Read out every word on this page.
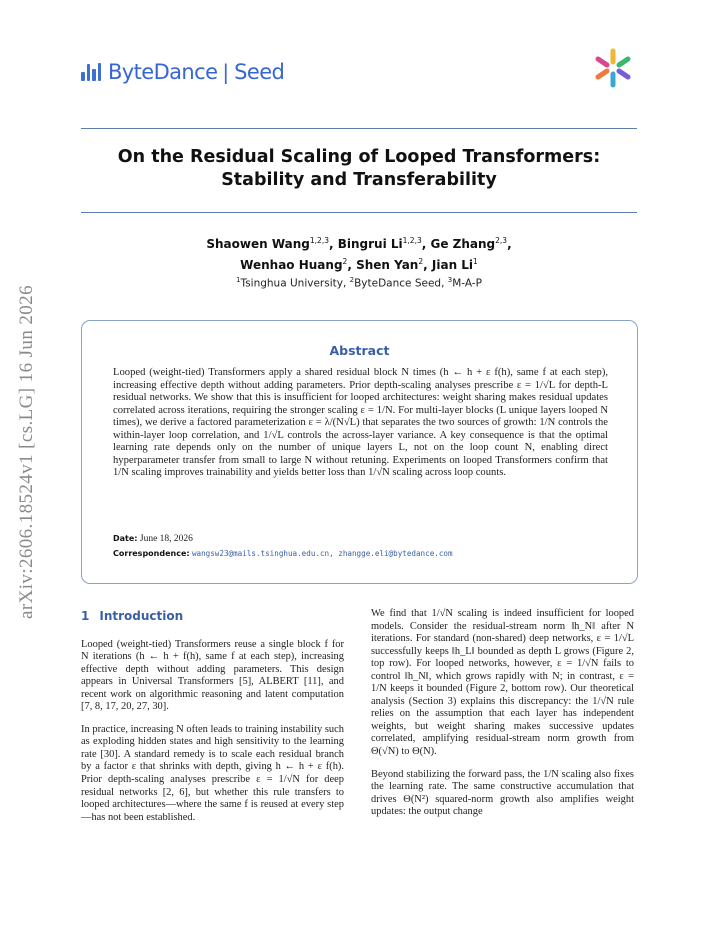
arXiv:2606.18524v1 [cs.LG] 16 Jun 2026
ByteDance | Seed
On the Residual Scaling of Looped Transformers:
Stability and Transferability
Shaowen Wang$^{1,2,3}$, Bingrui Li$^{1,2,3}$, Ge Zhang$^{2,3}$,
Wenhao Huang$^2$, Shen Yan$^2$, Jian Li$^1$
$^1$Tsinghua University, $^2$ByteDance Seed, $^3$M-A-P
Abstract
Looped (weight-tied) Transformers apply a shared residual block N times (h ← h + ε f(h), same f at each step), increasing effective depth without adding parameters. Prior depth-scaling analyses prescribe ε = 1/√L for depth-L residual networks. We show that this is insufficient for looped architectures: weight sharing makes residual updates correlated across iterations, requiring the stronger scaling ε = 1/N. For multi-layer blocks (L unique layers looped N times), we derive a factored parameterization ε = λ/(N√L) that separates the two sources of growth: 1/N controls the within-layer loop correlation, and 1/√L controls the across-layer variance. A key consequence is that the optimal learning rate depends only on the number of unique layers L, not on the loop count N, enabling direct hyperparameter transfer from small to large N without retuning. Experiments on looped Transformers confirm that 1/N scaling improves trainability and yields better loss than 1/√N scaling across loop counts.
Date: June 18, 2026
Correspondence: wangsw23@mails.tsinghua.edu.cn, zhangge.eli@bytedance.com
1 Introduction

Looped (weight-tied) Transformers reuse a single block f for N iterations (h ← h + f(h), same f at each step), increasing effective depth without adding parameters. This design appears in Universal Transformers [5], ALBERT [11], and recent work on algorithmic reasoning and latent computation [7, 8, 17, 20, 27, 30].

In practice, increasing N often leads to training instability such as exploding hidden states and high sensitivity to the learning rate [30]. A standard remedy is to scale each residual branch by a factor ε that shrinks with depth, giving h ← h + ε f(h). Prior depth-scaling analyses prescribe ε = 1/√N for deep residual networks [2, 6], but whether this rule transfers to looped architectures—where the same f is reused at every step—has not been established.

We find that 1/√N scaling is indeed insufficient for looped models. Consider the residual-stream norm ‖h_N‖ after N iterations. For standard (non-shared) deep networks, ε = 1/√L successfully keeps ‖h_L‖ bounded as depth L grows (Figure 2, top row). For looped networks, however, ε = 1/√N fails to control ‖h_N‖, which grows rapidly with N; in contrast, ε = 1/N keeps it bounded (Figure 2, bottom row). Our theoretical analysis (Section 3) explains this discrepancy: the 1/√N rule relies on the assumption that each layer has independent weights, but weight sharing makes successive updates correlated, amplifying residual-stream norm growth from Θ(√N) to Θ(N).

Beyond stabilizing the forward pass, the 1/N scaling also fixes the learning rate. The same constructive accumulation that drives Θ(N²) squared-norm growth also amplifies weight updates: the output change
